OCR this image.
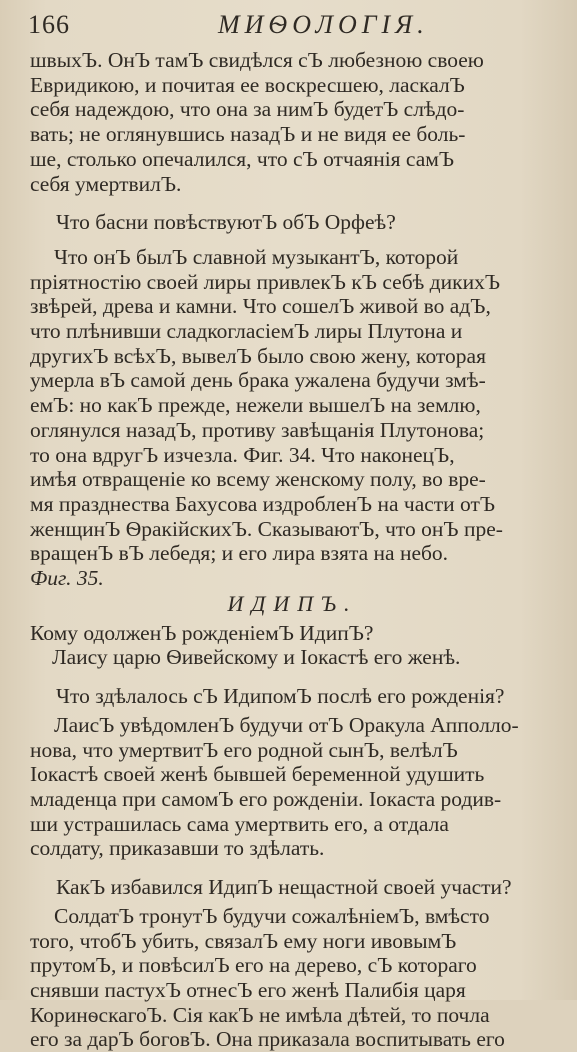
166	МИѲОЛОГІЯ.
швыхЪ. ОнЪ тамЪ свидѣлся сЪ любезною своею
Евридикою, и почитая ее воскресшею, ласкалЪ
себя надеждою, что она за нимЪ будетЪ слѣдо-
вать; не оглянувшись назадЪ и не видя ее боль-
ше, столько опечалился, что сЪ отчаянія самЪ
себя умертвилЪ.
Что басни повѣствуютЪ обЪ Орфеѣ?
Что онЪ былЪ славной музыкантЪ, которой
пріятностію своей лиры привлекЪ кЪ себѣ дикихЪ
звѣрей, древа и камни. Что сошелЪ живой во адЪ,
что плѣнивши сладкогласіемЪ лиры Плутона и
другихЪ всѣхЪ, вывелЪ было свою жену, которая
умерла вЪ самой день брака ужалена будучи змѣ-
емЪ: но какЪ прежде, нежели вышелЪ на землю,
оглянулся назадЪ, противу завѣщанія Плутонова;
то она вдругЪ изчезла. Фиг. 34. Что наконецЪ,
имѣя отвращеніе ко всему женскому полу, во вре-
мя празднества Бахусова издробленЪ на части отЪ
женщинЪ ѲракійскихЪ. СказываютЪ, что онЪ пре-
вращенЪ вЪ лебедя; и его лира взята на небо.
Фиг. 35.
ИДИПЪ.
Кому одолженЪ рожденіемЪ ИдипЪ?
Лаису царю Ѳивейскому и Іокастѣ его женѣ.
Что здѣлалось сЪ ИдипомЪ послѣ его рожденія?
ЛаисЪ увѣдомленЪ будучи отЪ Оракула Апполло-
нова, что умертвитЪ его родной сынЪ, велѣлЪ
Іокастѣ своей женѣ бывшей беременной удушить
младенца при самомЪ его рожденіи. Іокаста родив-
ши устрашилась сама умертвить его, а отдала
солдату, приказавши то здѣлать.
КакЪ избавился ИдипЪ нещастной своей участи?
СолдатЪ тронутЪ будучи сожалѣніемЪ, вмѣсто
того, чтобЪ убить, связалЪ ему ноги ивовымЪ
прутомЪ, и повѣсилЪ его на дерево, сЪ котораго
снявши пастухЪ отнесЪ его женѣ Палибія царя
КоринѳскагоЪ. Сія какЪ не имѣла дѣтей, то почла
его за дарЪ боговЪ. Она приказала воспитывать его
